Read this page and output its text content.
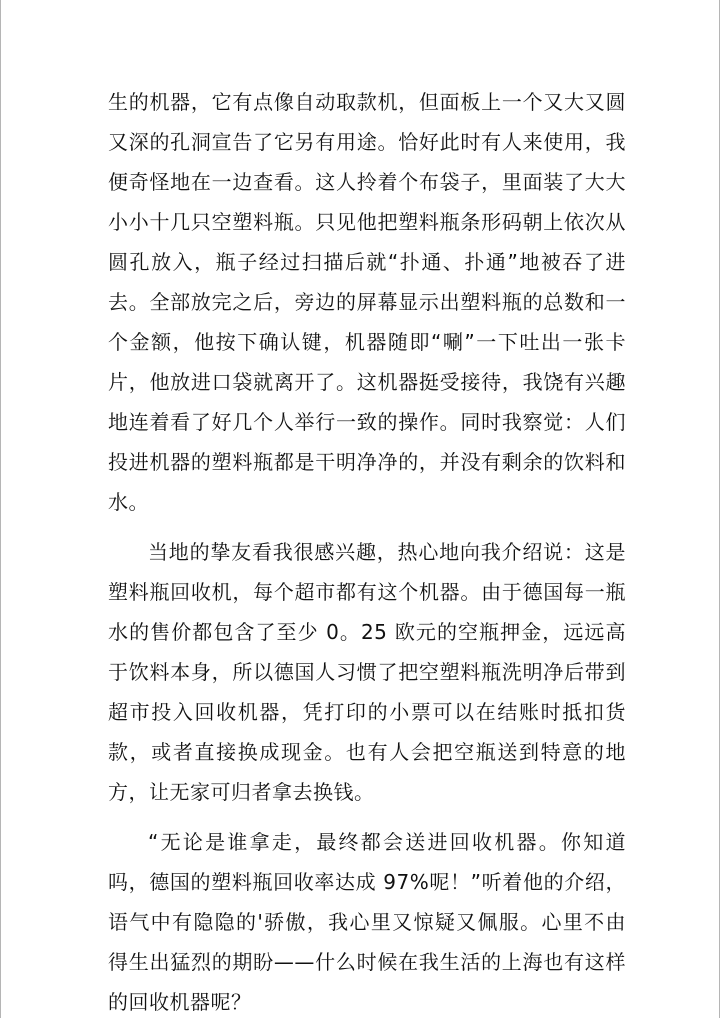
生的机器，它有点像自动取款机，但面板上一个又大又圆又深的孔洞宣告了它另有用途。恰好此时有人来使用，我便奇怪地在一边查看。这人拎着个布袋子，里面装了大大小小十几只空塑料瓶。只见他把塑料瓶条形码朝上依次从圆孔放入，瓶子经过扫描后就“扑通、扑通”地被吞了进去。全部放完之后，旁边的屏幕显示出塑料瓶的总数和一个金额，他按下确认键，机器随即“唰”一下吐出一张卡片，他放进口袋就离开了。这机器挺受接待，我饶有兴趣地连着看了好几个人举行一致的操作。同时我察觉：人们投进机器的塑料瓶都是干明净净的，并没有剩余的饮料和水。

当地的挚友看我很感兴趣，热心地向我介绍说：这是塑料瓶回收机，每个超市都有这个机器。由于德国每一瓶水的售价都包含了至少 0。25 欧元的空瓶押金，远远高于饮料本身，所以德国人习惯了把空塑料瓶洗明净后带到超市投入回收机器，凭打印的小票可以在结账时抵扣货款，或者直接换成现金。也有人会把空瓶送到特意的地方，让无家可归者拿去换钱。

“无论是谁拿走，最终都会送进回收机器。你知道吗，德国的塑料瓶回收率达成 97%呢！”听着他的介绍，语气中有隐隐的'骄傲，我心里又惊疑又佩服。心里不由得生出猛烈的期盼——什么时候在我生活的上海也有这样的回收机器呢？
